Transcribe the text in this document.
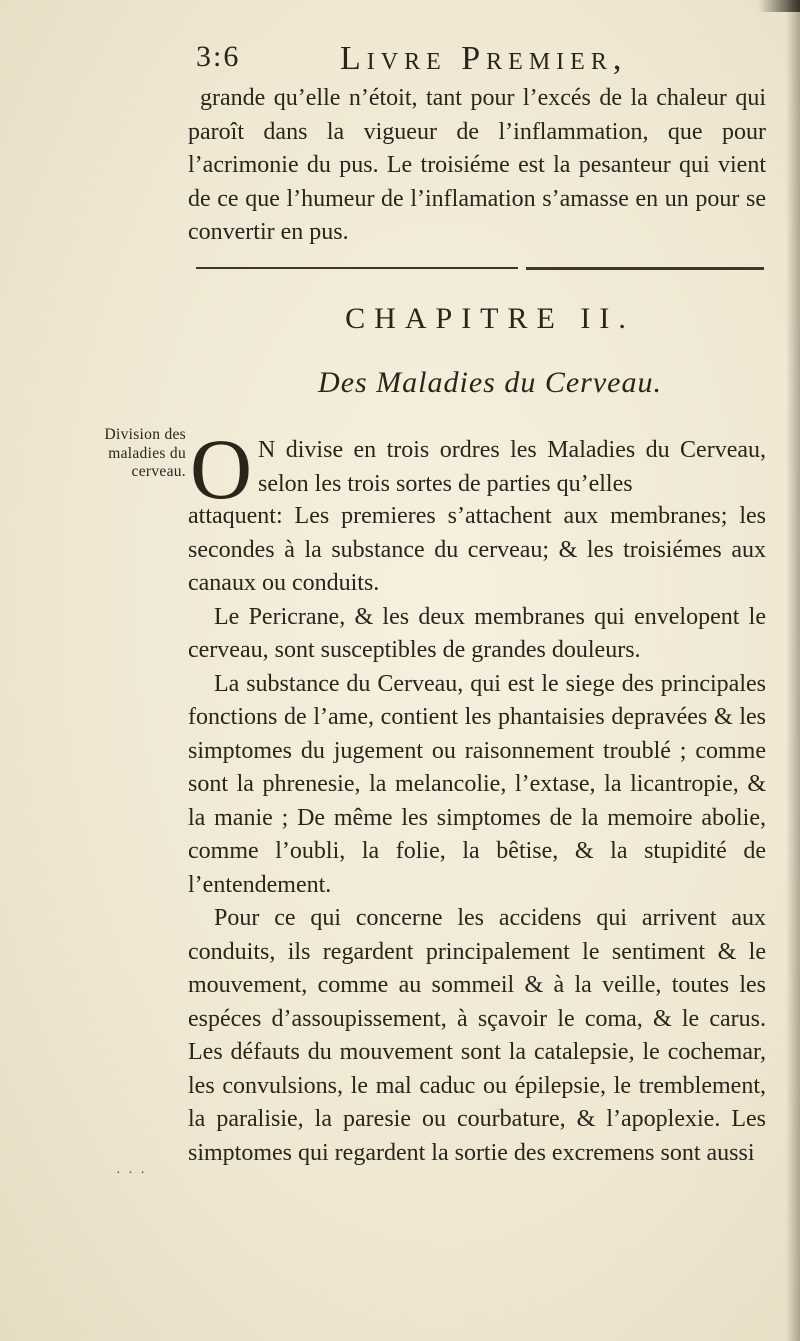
3:6	Livre Premier,

grande qu’elle n’étoit, tant pour l’excés de la chaleur qui paroît dans la vigueur de l’inflammation, que pour l’acrimonie du pus. Le troisiéme est la pesanteur qui vient de ce que l’humeur de l’inflamation s’amasse en un pour se convertir en pus.

CHAPITRE II.
Des Maladies du Cerveau.
Division des maladies du cerveau. O N divise en trois ordres les Maladies du Cerveau, selon les trois sortes de parties qu’elles

attaquent: Les premieres s’attachent aux membranes; les secondes à la substance du cerveau; & les troisiémes aux canaux ou conduits.

Le Pericrane, & les deux membranes qui envelopent le cerveau, sont susceptibles de grandes douleurs.

La substance du Cerveau, qui est le siege des principales fonctions de l’ame, contient les phantaisies depravées & les simptomes du jugement ou raisonnement troublé ; comme sont la phrenesie, la melancolie, l’extase, la licantropie, & la manie ; De même les simptomes de la memoire abolie, comme l’oubli, la folie, la bêtise, & la stupidité de l’entendement.

Pour ce qui concerne les accidens qui arrivent aux conduits, ils regardent principalement le sentiment & le mouvement, comme au sommeil & à la veille, toutes les espéces d’assoupissement, à sçavoir le coma, & le carus. Les défauts du mouvement sont la catalepsie, le cochemar, les convulsions, le mal caduc ou épilepsie, le tremblement, la paralisie, la paresie ou courbature, & l’apoplexie. Les simptomes qui regardent la sortie des excremens sont aussi

· · ·
